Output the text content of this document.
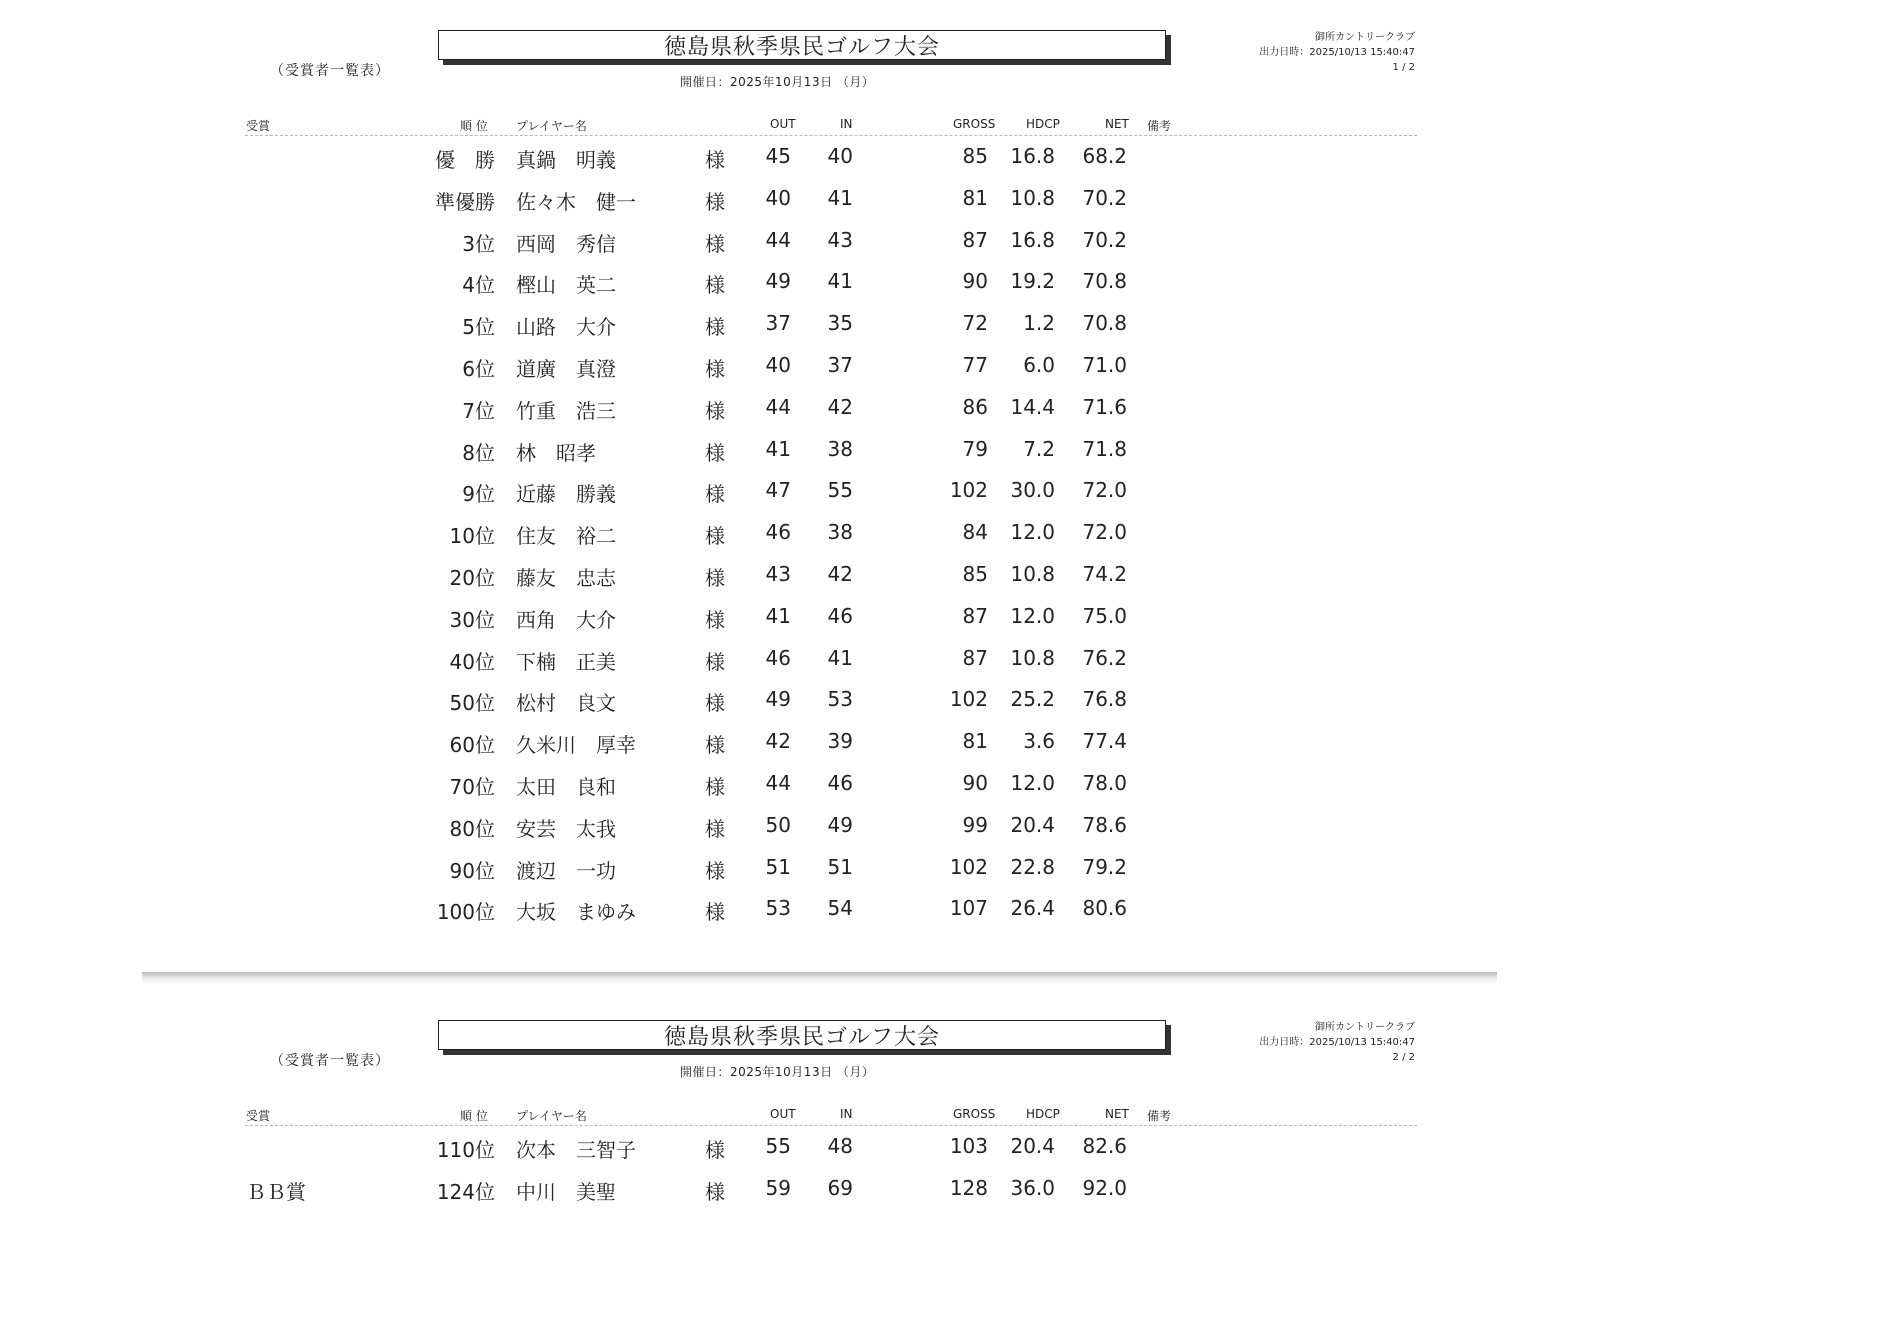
（受賞者一覧表）
徳島県秋季県民ゴルフ大会
開催日：2025年10月13日 （月）
御所カントリークラブ
出力日時：2025/10/13 15:40:47
1 / 2
受賞	順 位 プレイヤー名	OUT	IN	GROSS	HDCP	NET 備考
優　勝 真鍋　明義	様 45 40	85 16.8 68.2
準優勝 佐々木　健一	様 40 41	81 10.8 70.2
3位 西岡　秀信	様 44 43	87 16.8 70.2
4位 樫山　英二	様 49 41	90 19.2 70.8
5位 山路　大介	様 37 35	72 1.2 70.8
6位 道廣　真澄	様 40 37	77 6.0 71.0
7位 竹重　浩三	様 44 42	86 14.4 71.6
8位 林　昭孝	様 41 38	79 7.2 71.8
9位 近藤　勝義	様 47 55	102 30.0 72.0
10位 住友　裕二	様 46 38	84 12.0 72.0
20位 藤友　忠志	様 43 42	85 10.8 74.2
30位 西角　大介	様 41 46	87 12.0 75.0
40位 下楠　正美	様 46 41	87 10.8 76.2
50位 松村　良文	様 49 53	102 25.2 76.8
60位 久米川　厚幸	様 42 39	81 3.6 77.4
70位 太田　良和	様 44 46	90 12.0 78.0
80位 安芸　太我	様 50 49	99 20.4 78.6
90位 渡辺　一功	様 51 51	102 22.8 79.2
100位 大坂　まゆみ	様 53 54	107 26.4 80.6
（受賞者一覧表）
徳島県秋季県民ゴルフ大会
開催日：2025年10月13日 （月）
御所カントリークラブ
出力日時：2025/10/13 15:40:47
2 / 2
受賞	順 位 プレイヤー名	OUT	IN	GROSS	HDCP	NET 備考
110位 次本　三智子	様 55 48	103 20.4 82.6
ＢＢ賞	124位 中川　美聖	様 59 69	128 36.0 92.0
